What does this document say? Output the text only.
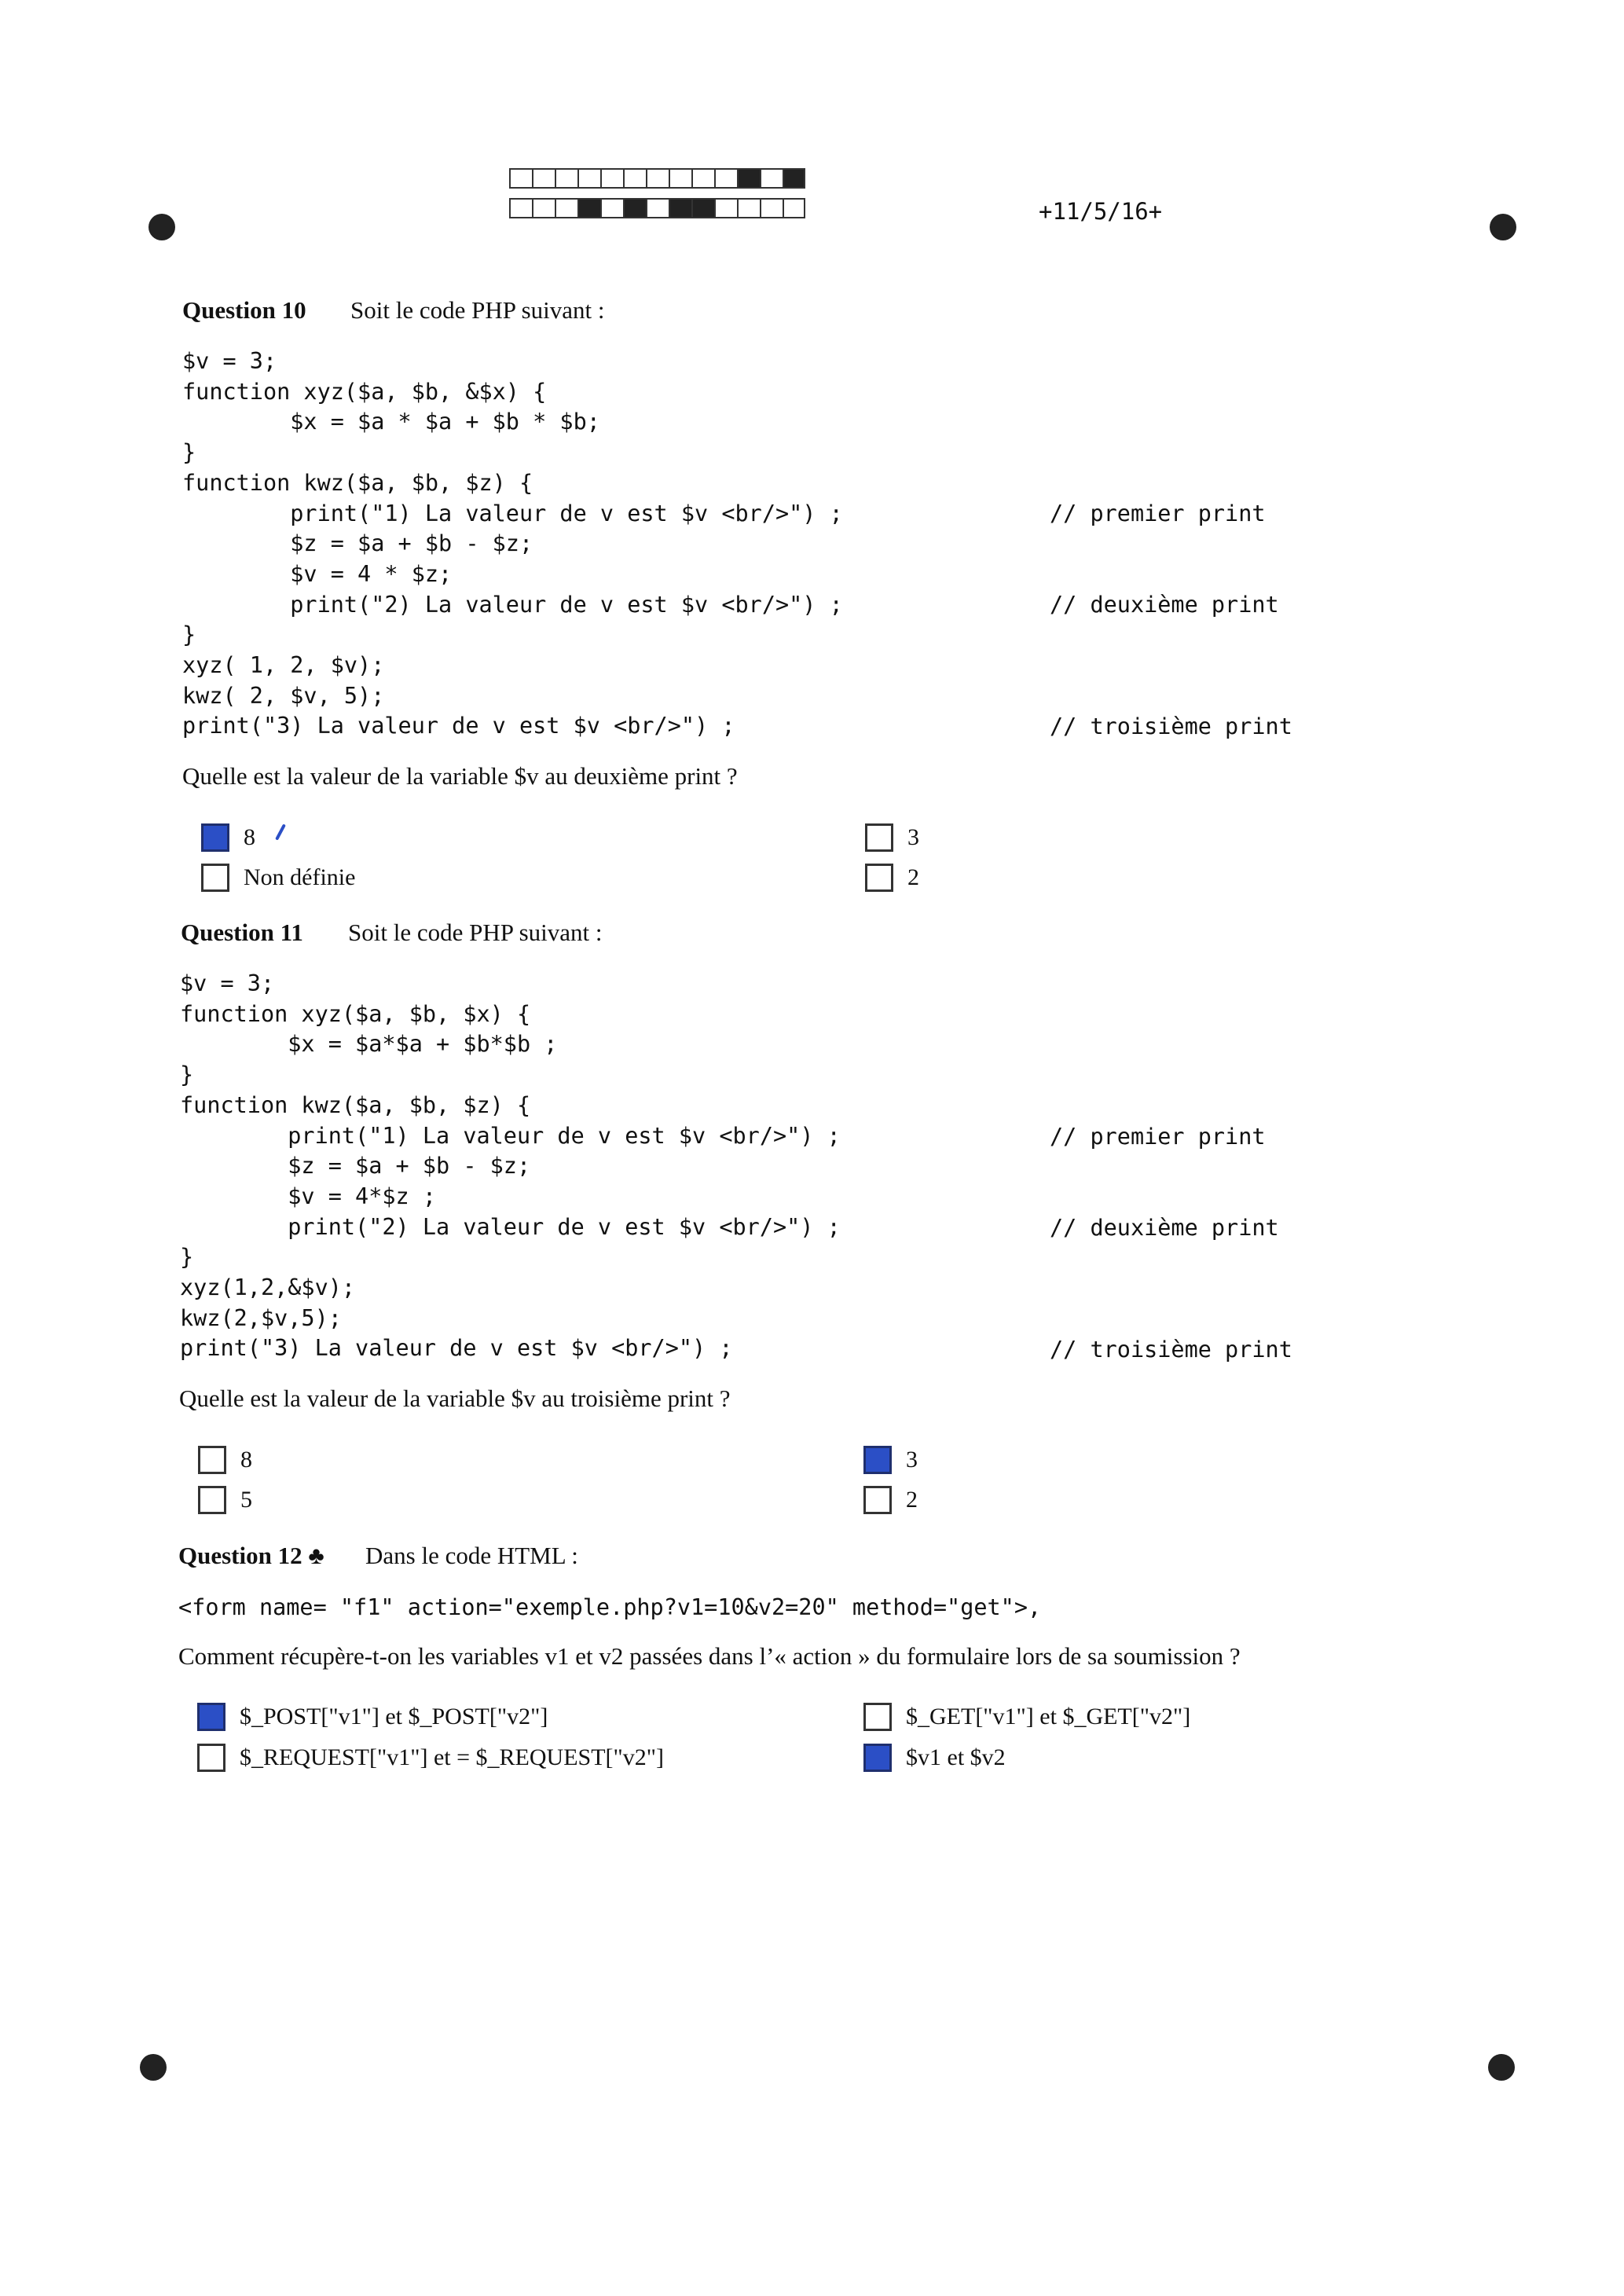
+11/5/16+
Question 10 Soit le code PHP suivant :
$v = 3;
function xyz($a, $b, &$x) {
$x = $a * $a + $b * $b;
}
function kwz($a, $b, $z) {
print("1) La valeur de v est $v <br/>") ;
$z = $a + $b - $z;
$v = 4 * $z;
print("2) La valeur de v est $v <br/>") ;
}
xyz( 1, 2, $v);
kwz( 2, $v, 5);
print("3) La valeur de v est $v <br/>") ;
// premier print
// deuxième print
// troisième print
Quelle est la valeur de la variable $v au deuxième print ?
8	3
Non définie	2
Question 11 Soit le code PHP suivant :
$v = 3;
function xyz($a, $b, $x) {
$x = $a*$a + $b*$b ;
}
function kwz($a, $b, $z) {
print("1) La valeur de v est $v <br/>") ;
$z = $a + $b - $z;
$v = 4*$z ;
print("2) La valeur de v est $v <br/>") ;
}
xyz(1,2,&$v);
kwz(2,$v,5);
print("3) La valeur de v est $v <br/>") ;
// premier print
// deuxième print
// troisième print
Quelle est la valeur de la variable $v au troisième print ?
8	3
5	2
Question 12 ♣ Dans le code HTML :
<form name= "f1" action="exemple.php?v1=10&v2=20" method="get">,
Comment récupère-t-on les variables v1 et v2 passées dans l’« action » du formulaire lors de sa soumission ?
$_POST["v1"] et $_POST["v2"]	$_GET["v1"] et $_GET["v2"]
$_REQUEST["v1"] et = $_REQUEST["v2"]	$v1 et $v2
